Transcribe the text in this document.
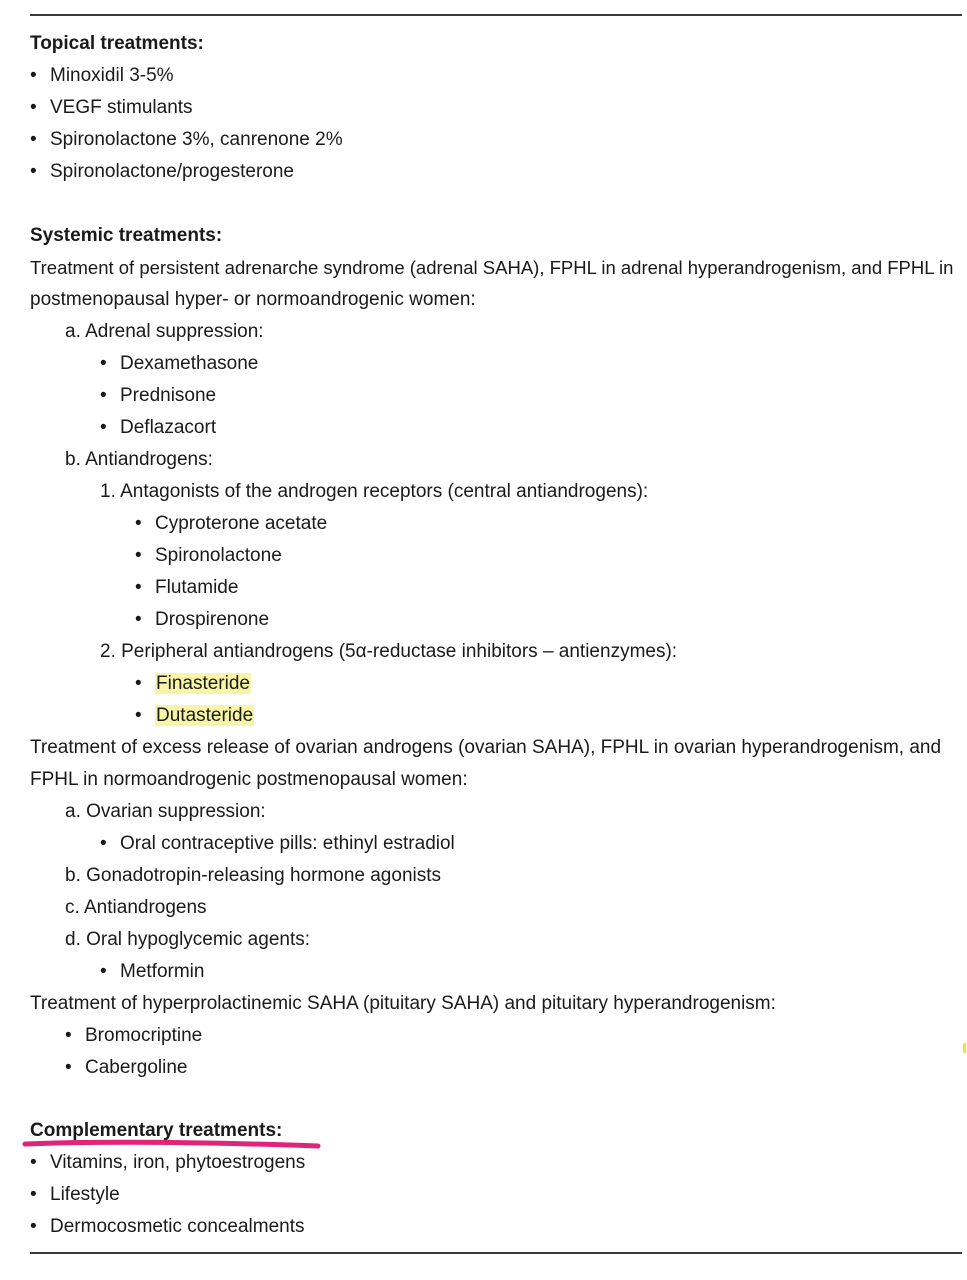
Topical treatments:
• Minoxidil 3-5%
• VEGF stimulants
• Spironolactone 3%, canrenone 2%
• Spironolactone/progesterone
Systemic treatments:
Treatment of persistent adrenarche syndrome (adrenal SAHA), FPHL in adrenal hyperandrogenism, and FPHL in
postmenopausal hyper- or normoandrogenic women:
a. Adrenal suppression:
• Dexamethasone
• Prednisone
• Deflazacort
b. Antiandrogens:
1. Antagonists of the androgen receptors (central antiandrogens):
• Cyproterone acetate
• Spironolactone
• Flutamide
• Drospirenone
2. Peripheral antiandrogens (5α-reductase inhibitors – antienzymes):
• Finasteride
• Dutasteride
Treatment of excess release of ovarian androgens (ovarian SAHA), FPHL in ovarian hyperandrogenism, and
FPHL in normoandrogenic postmenopausal women:
a. Ovarian suppression:
• Oral contraceptive pills: ethinyl estradiol
b. Gonadotropin-releasing hormone agonists
c. Antiandrogens
d. Oral hypoglycemic agents:
• Metformin
Treatment of hyperprolactinemic SAHA (pituitary SAHA) and pituitary hyperandrogenism:
• Bromocriptine
• Cabergoline
Complementary treatments:
• Vitamins, iron, phytoestrogens
• Lifestyle
• Dermocosmetic concealments
